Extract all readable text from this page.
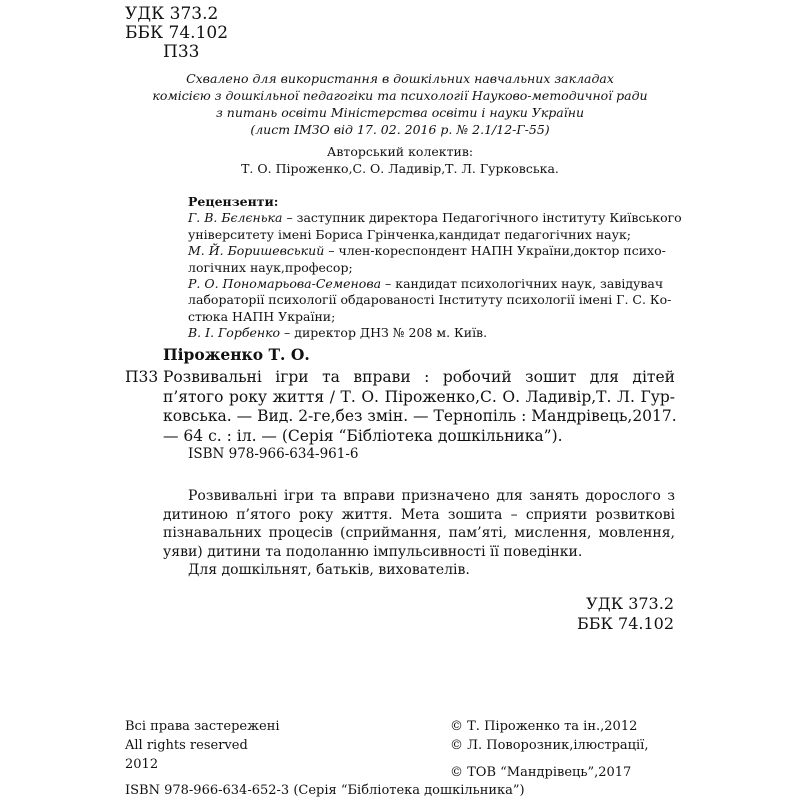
УДК 373.2
ББК 74.102
П33
Схвалено для використання в дошкільних навчальних закладах
комісією з дошкільної педагогіки та психології Науково-методичної ради
з питань освіти Міністерства освіти і науки України
(лист ІМЗО від 17. 02. 2016 р. № 2.1/12-Г-55)
Авторський колектив:
Т. О. Піроженко,С. О. Ладивір,Т. Л. Гурковська.
Рецензенти:
Г. В. Бєлєнька – заступник директора Педагогічного інституту Київського
університету імені Бориса Грінченка,кандидат педагогічних наук;
М. Й. Боришевський – член-кореспондент НАПН України,доктор психо-
логічних наук,професор;
Р. О. Пономарьова-Семенова – кандидат психологічних наук, завідувач
лабораторії психології обдарованості Інституту психології імені Г. С. Ко-
стюка НАПН України;
В. І. Горбенко – директор ДНЗ № 208 м. Київ.
Піроженко Т. О.
П33 Розвивальні ігри та вправи : робочий зошит для дітей
п’ятого року життя / Т. О. Піроженко,С. О. Ладивір,Т. Л. Гур-
ковська. — Вид. 2-ге,без змін. — Тернопіль : Мандрівець,2017.
— 64 с. : іл. — (Серія “Бібліотека дошкільника”).
ISBN 978-966-634-961-6
Розвивальні ігри та вправи призначено для занять дорослого з
дитиною п’ятого року життя. Мета зошита – сприяти розвиткові
пізнавальних процесів (сприймання, пам’яті, мислення, мовлення,
уяви) дитини та подоланню імпульсивності її поведінки.
Для дошкільнят, батьків, вихователів.
УДК 373.2
ББК 74.102
Всі права застережені
All rights reserved
2012
© Т. Піроженко та ін.,2012
© Л. Поворозник,ілюстрації,
© ТОВ “Мандрівець”,2017
ISBN 978-966-634-652-3 (Серія “Бібліотека дошкільника”)
